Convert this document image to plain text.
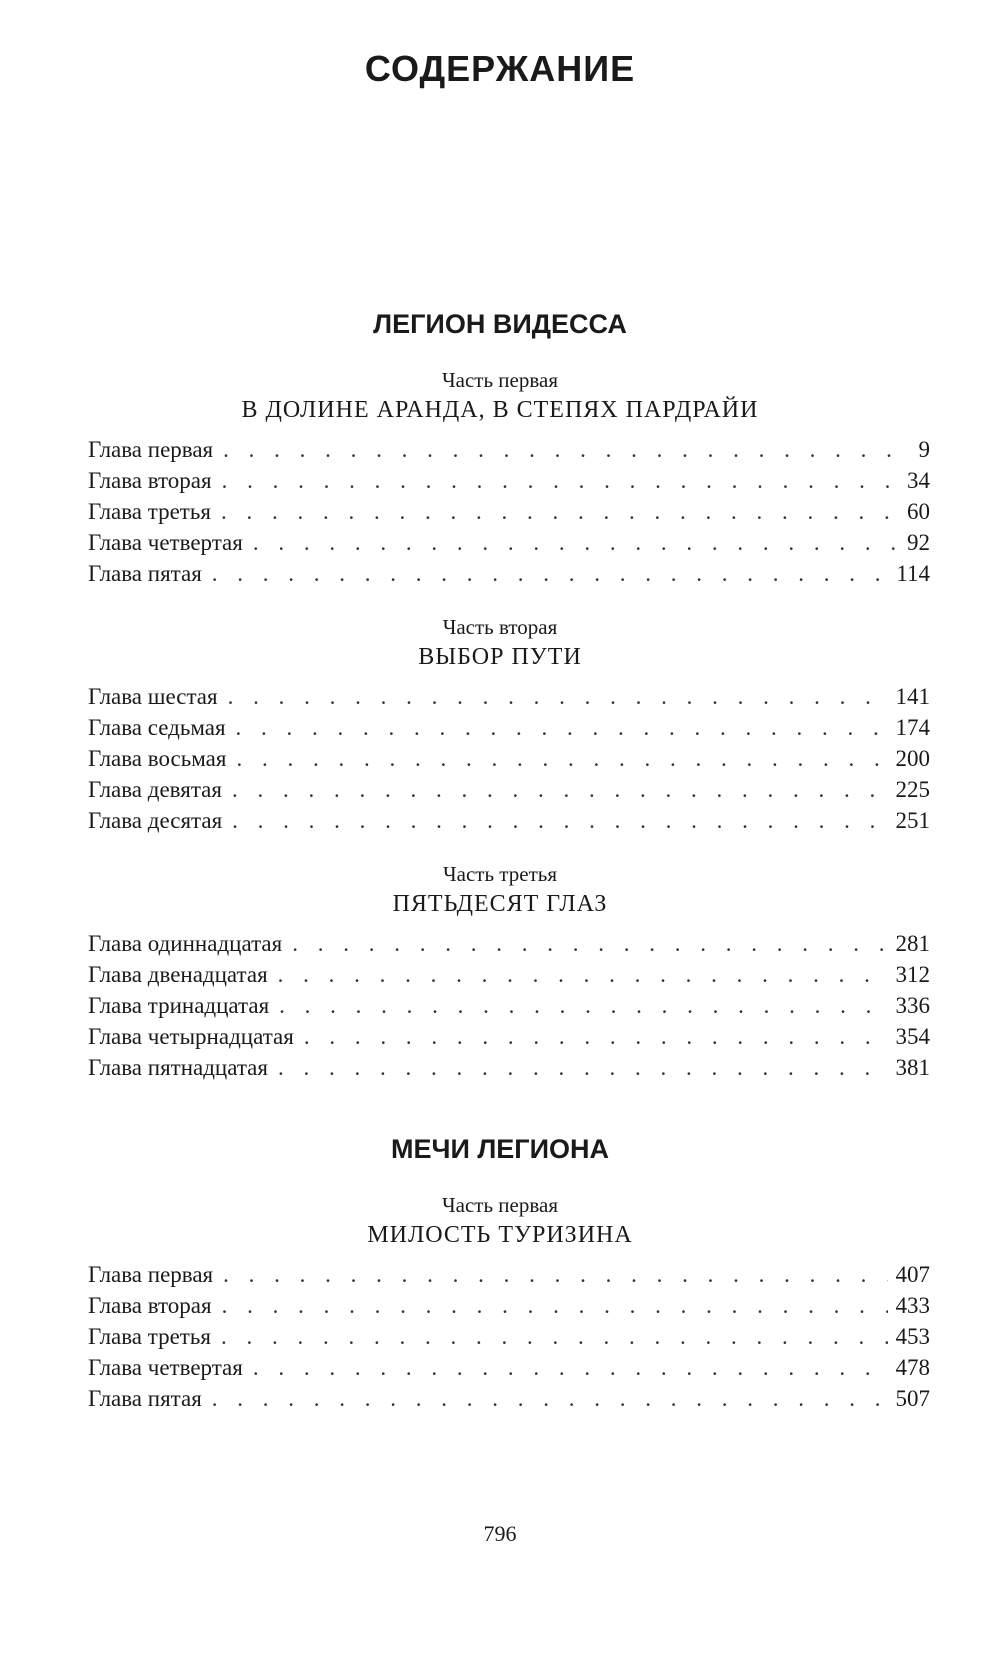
СОДЕРЖАНИЕ
ЛЕГИОН ВИДЕССА

Часть первая

В ДОЛИНЕ АРАНДА, В СТЕПЯХ ПАРДРАЙИ

Глава первая . . .	9
Глава вторая . . .	34
Глава третья . . .	60
Глава четвертая . . .	92
Глава пятая . . .	114

Часть вторая

ВЫБОР ПУТИ

Глава шестая . . .	141
Глава седьмая . . .	174
Глава восьмая . . .	200
Глава девятая . . .	225
Глава десятая . . .	251

Часть третья

ПЯТЬДЕСЯТ ГЛАЗ

Глава одиннадцатая . . .	281
Глава двенадцатая . . .	312
Глава тринадцатая . . .	336
Глава четырнадцатая . . .	354
Глава пятнадцатая . . .	381
МЕЧИ ЛЕГИОНА

Часть первая

МИЛОСТЬ ТУРИЗИНА

Глава первая . . .	407
Глава вторая . . .	433
Глава третья . . .	453
Глава четвертая . . .	478
Глава пятая . . .	507

796
